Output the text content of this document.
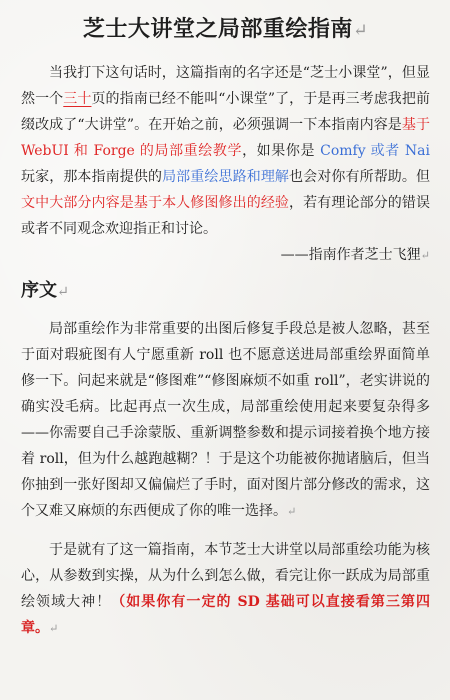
芝士大讲堂之局部重绘指南↵

当我打下这句话时，这篇指南的名字还是“芝士小课堂”，但显然一个三十页的指南已经不能叫“小课堂”了，于是再三考虑我把前缀改成了“大讲堂”。在开始之前，必须强调一下本指南内容是基于 WebUI 和 Forge 的局部重绘教学，如果你是 Comfy 或者 Nai 玩家，那本指南提供的局部重绘思路和理解也会对你有所帮助。但文中大部分内容是基于本人修图修出的经验，若有理论部分的错误或者不同观念欢迎指正和讨论。
——指南作者芝士飞狸↵

序文↵

局部重绘作为非常重要的出图后修复手段总是被人忽略，甚至于面对瑕疵图有人宁愿重新 roll 也不愿意送进局部重绘界面简单修一下。问起来就是“修图难”“修图麻烦不如重 roll”，老实讲说的确实没毛病。比起再点一次生成，局部重绘使用起来要复杂得多——你需要自己手涂蒙版、重新调整参数和提示词接着换个地方接着 roll，但为什么越跑越糊？！于是这个功能被你抛诸脑后，但当你抽到一张好图却又偏偏烂了手时，面对图片部分修改的需求，这个又难又麻烦的东西便成了你的唯一选择。↵

于是就有了这一篇指南，本节芝士大讲堂以局部重绘功能为核心，从参数到实操，从为什么到怎么做，看完让你一跃成为局部重绘领域大神！（如果你有一定的 SD 基础可以直接看第三第四章。↵
